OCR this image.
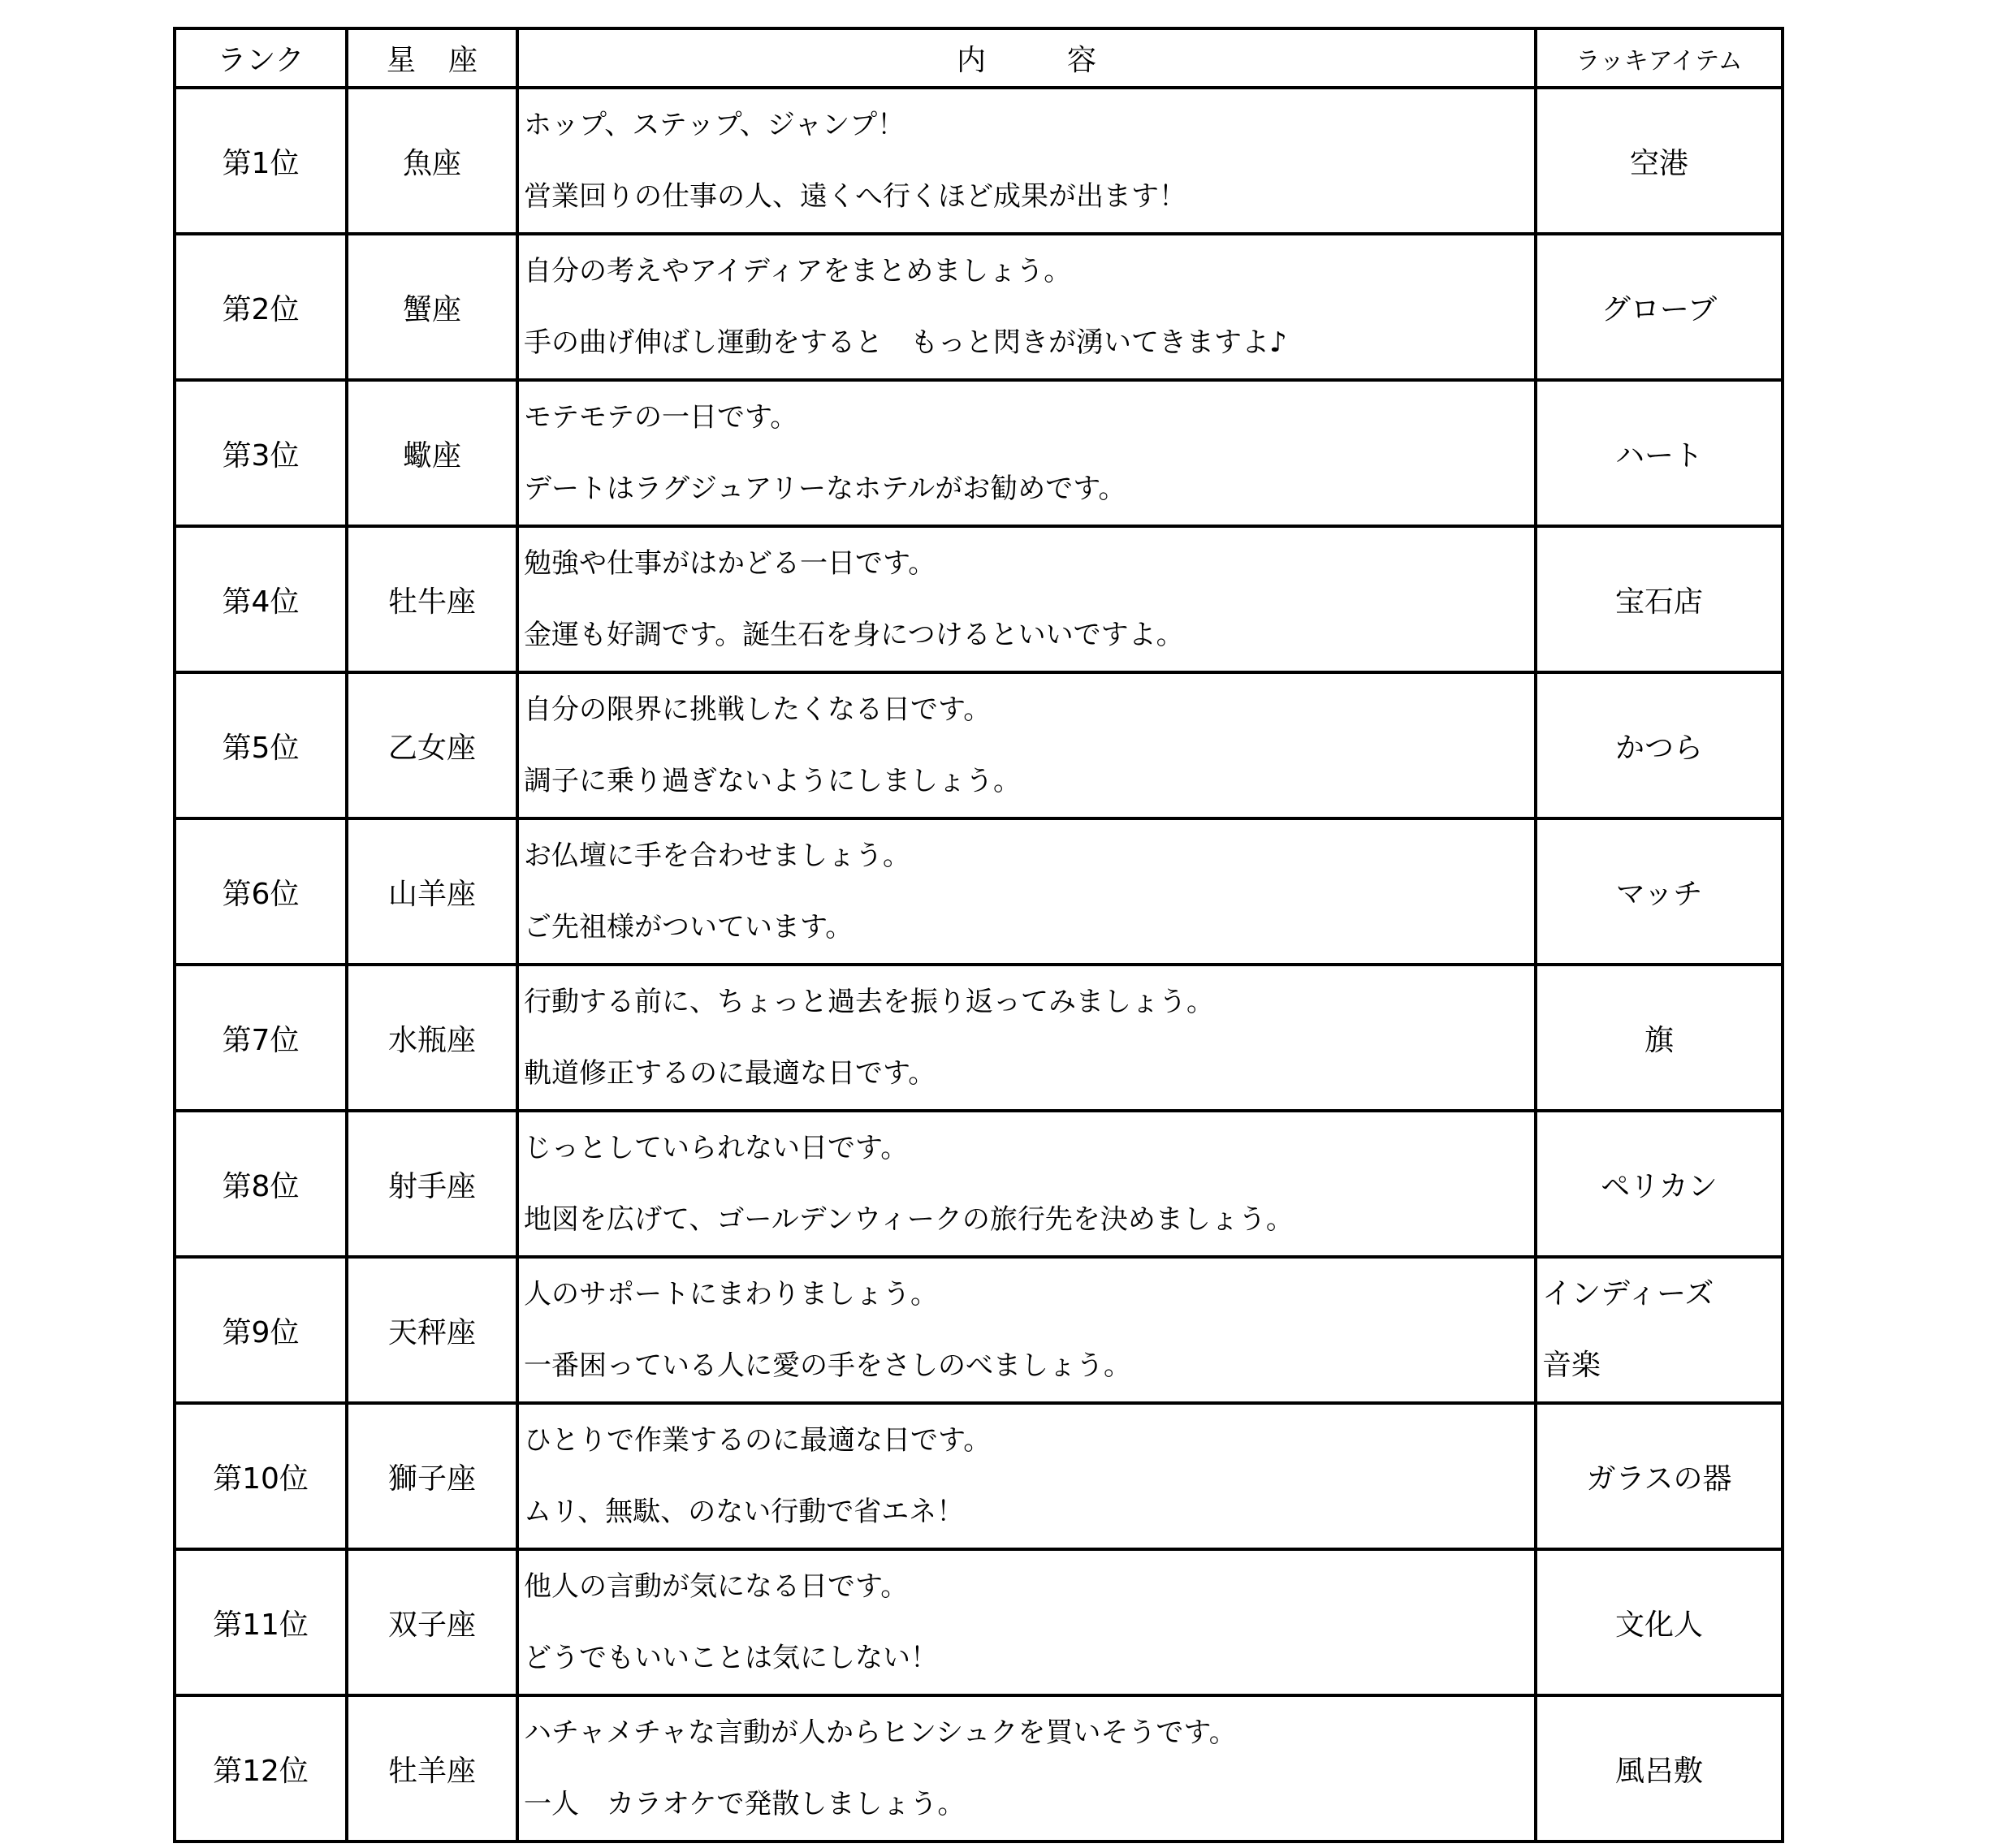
ランク	星 座	内 容	ラッキアイテム
第1位	魚座	ホップ、ステップ、ジャンプ！
営業回りの仕事の人、遠くへ行くほど成果が出ます！	空港
第2位	蟹座	自分の考えやアイディアをまとめましょう。
手の曲げ伸ばし運動をすると　もっと閃きが湧いてきますよ♪	グローブ
第3位	蠍座	モテモテの一日です。
デートはラグジュアリーなホテルがお勧めです。	ハート
第4位	牡牛座	勉強や仕事がはかどる一日です。
金運も好調です。誕生石を身につけるといいですよ。	宝石店
第5位	乙女座	自分の限界に挑戦したくなる日です。
調子に乗り過ぎないようにしましょう。	かつら
第6位	山羊座	お仏壇に手を合わせましょう。
ご先祖様がついています。	マッチ
第7位	水瓶座	行動する前に、ちょっと過去を振り返ってみましょう。
軌道修正するのに最適な日です。	旗
第8位	射手座	じっとしていられない日です。
地図を広げて、ゴールデンウィークの旅行先を決めましょう。	ペリカン
第9位	天秤座	人のサポートにまわりましょう。
一番困っている人に愛の手をさしのべましょう。	インディーズ
音楽

第10位	獅子座	ひとりで作業するのに最適な日です。
ムリ、無駄、のない行動で省エネ！	ガラスの器
第11位	双子座	他人の言動が気になる日です。
どうでもいいことは気にしない！	文化人
第12位	牡羊座	ハチャメチャな言動が人からヒンシュクを買いそうです。
一人　カラオケで発散しましょう。	風呂敷
